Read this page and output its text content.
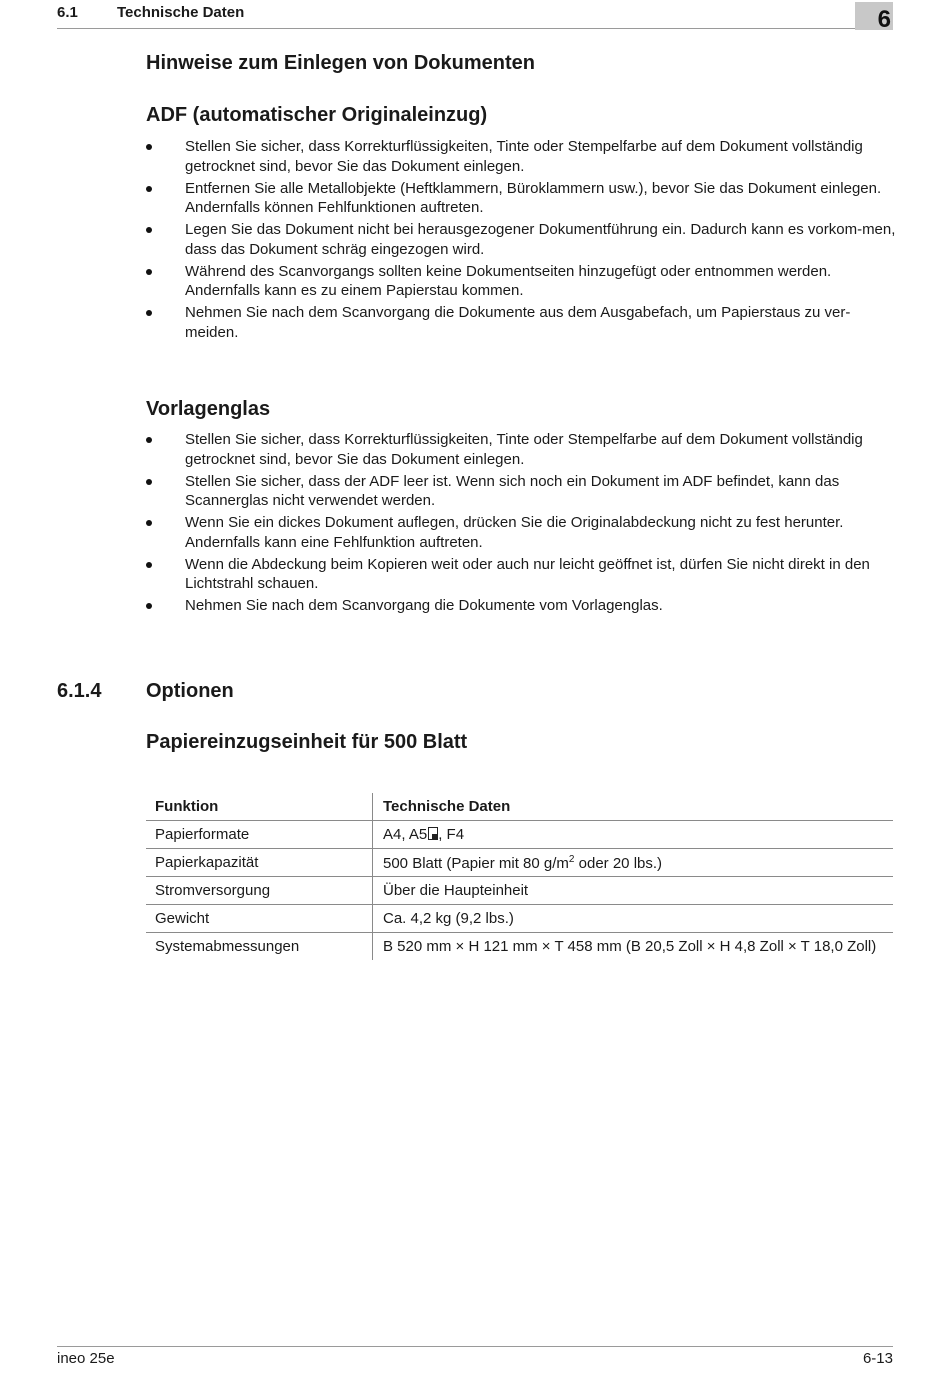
6.1	Technische Daten	6
Hinweise zum Einlegen von Dokumenten
ADF (automatischer Originaleinzug)
Stellen Sie sicher, dass Korrekturflüssigkeiten, Tinte oder Stempelfarbe auf dem Dokument vollständig getrocknet sind, bevor Sie das Dokument einlegen.
Entfernen Sie alle Metallobjekte (Heftklammern, Büroklammern usw.), bevor Sie das Dokument einlegen. Andernfalls können Fehlfunktionen auftreten.
Legen Sie das Dokument nicht bei herausgezogener Dokumentführung ein. Dadurch kann es vorkom-men, dass das Dokument schräg eingezogen wird.
Während des Scanvorgangs sollten keine Dokumentseiten hinzugefügt oder entnommen werden. Andernfalls kann es zu einem Papierstau kommen.
Nehmen Sie nach dem Scanvorgang die Dokumente aus dem Ausgabefach, um Papierstaus zu ver-meiden.
Vorlagenglas
Stellen Sie sicher, dass Korrekturflüssigkeiten, Tinte oder Stempelfarbe auf dem Dokument vollständig getrocknet sind, bevor Sie das Dokument einlegen.
Stellen Sie sicher, dass der ADF leer ist. Wenn sich noch ein Dokument im ADF befindet, kann das Scannerglas nicht verwendet werden.
Wenn Sie ein dickes Dokument auflegen, drücken Sie die Originalabdeckung nicht zu fest herunter. Andernfalls kann eine Fehlfunktion auftreten.
Wenn die Abdeckung beim Kopieren weit oder auch nur leicht geöffnet ist, dürfen Sie nicht direkt in den Lichtstrahl schauen.
Nehmen Sie nach dem Scanvorgang die Dokumente vom Vorlagenglas.
6.1.4 Optionen
Papiereinzugseinheit für 500 Blatt
Funktion	Technische Daten
Papierformate	A4, A5 , F4
Papierkapazität	500 Blatt (Papier mit 80 $g/m^2$ oder 20 lbs.)
Stromversorgung	Über die Haupteinheit
Gewicht	Ca. 4,2 kg (9,2 lbs.)
Systemabmessungen	B 520 mm × H 121 mm × T 458 mm (B 20,5 Zoll × H 4,8 Zoll × T 18,0 Zoll)
ineo 25e	6-13
